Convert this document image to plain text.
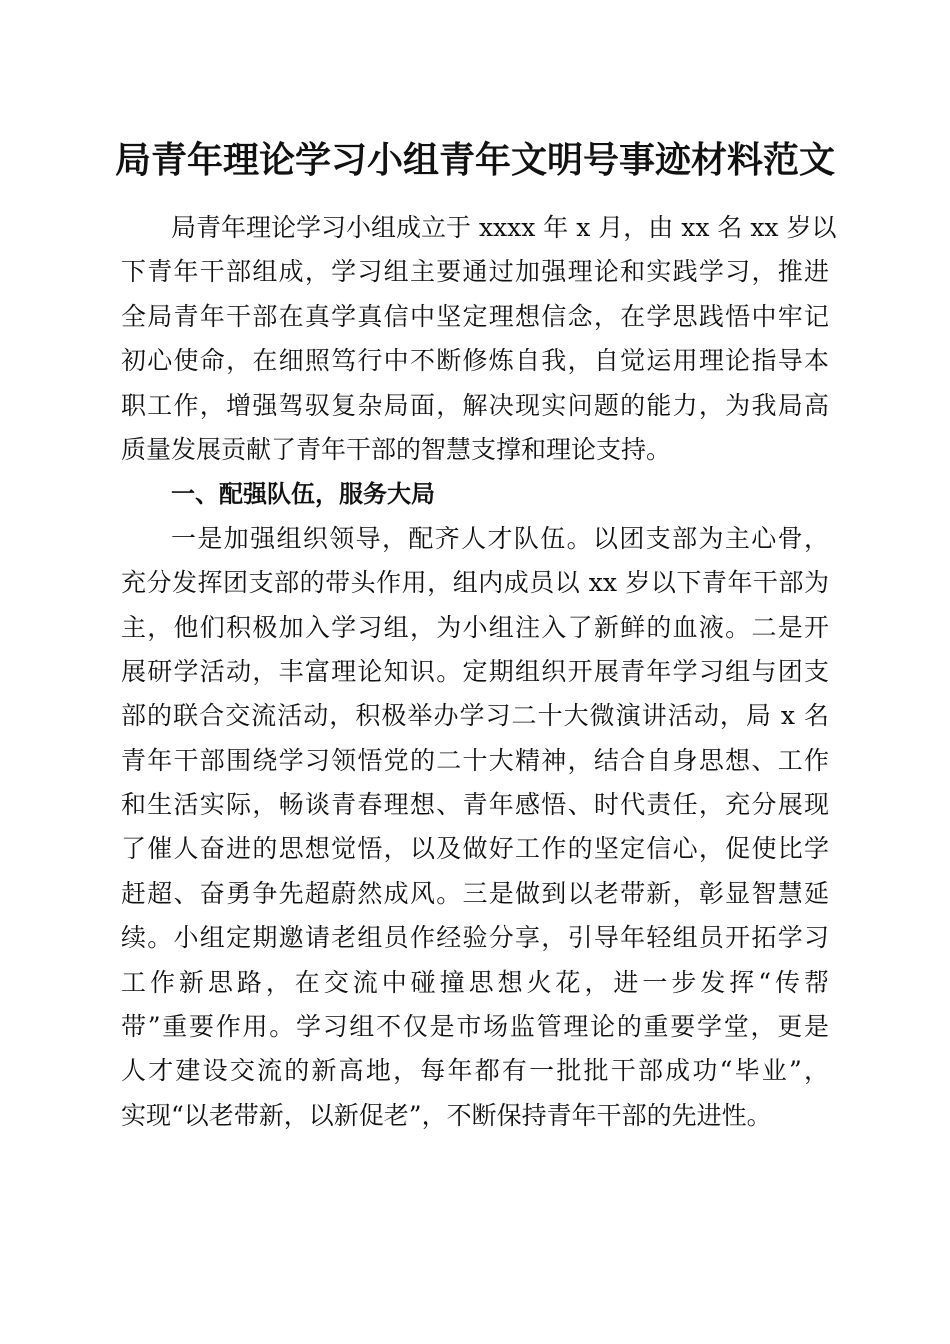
局青年理论学习小组青年文明号事迹材料范文
局青年理论学习小组成立于 xxxx 年 x 月，由 xx 名 xx 岁以
下青年干部组成，学习组主要通过加强理论和实践学习，推进
全局青年干部在真学真信中坚定理想信念，在学思践悟中牢记
初心使命，在细照笃行中不断修炼自我，自觉运用理论指导本
职工作，增强驾驭复杂局面，解决现实问题的能力，为我局高
质量发展贡献了青年干部的智慧支撑和理论支持。
一、配强队伍，服务大局
一是加强组织领导，配齐人才队伍。以团支部为主心骨，
充分发挥团支部的带头作用，组内成员以 xx 岁以下青年干部为
主，他们积极加入学习组，为小组注入了新鲜的血液。二是开
展研学活动，丰富理论知识。定期组织开展青年学习组与团支
部的联合交流活动，积极举办学习二十大微演讲活动，局 x 名
青年干部围绕学习领悟党的二十大精神，结合自身思想、工作
和生活实际，畅谈青春理想、青年感悟、时代责任，充分展现
了催人奋进的思想觉悟，以及做好工作的坚定信心，促使比学
赶超、奋勇争先超蔚然成风。三是做到以老带新，彰显智慧延
续。小组定期邀请老组员作经验分享，引导年轻组员开拓学习
工作新思路，在交流中碰撞思想火花，进一步发挥“传帮
带”重要作用。学习组不仅是市场监管理论的重要学堂，更是
人才建设交流的新高地，每年都有一批批干部成功“毕业”，
实现“以老带新，以新促老”，不断保持青年干部的先进性。
